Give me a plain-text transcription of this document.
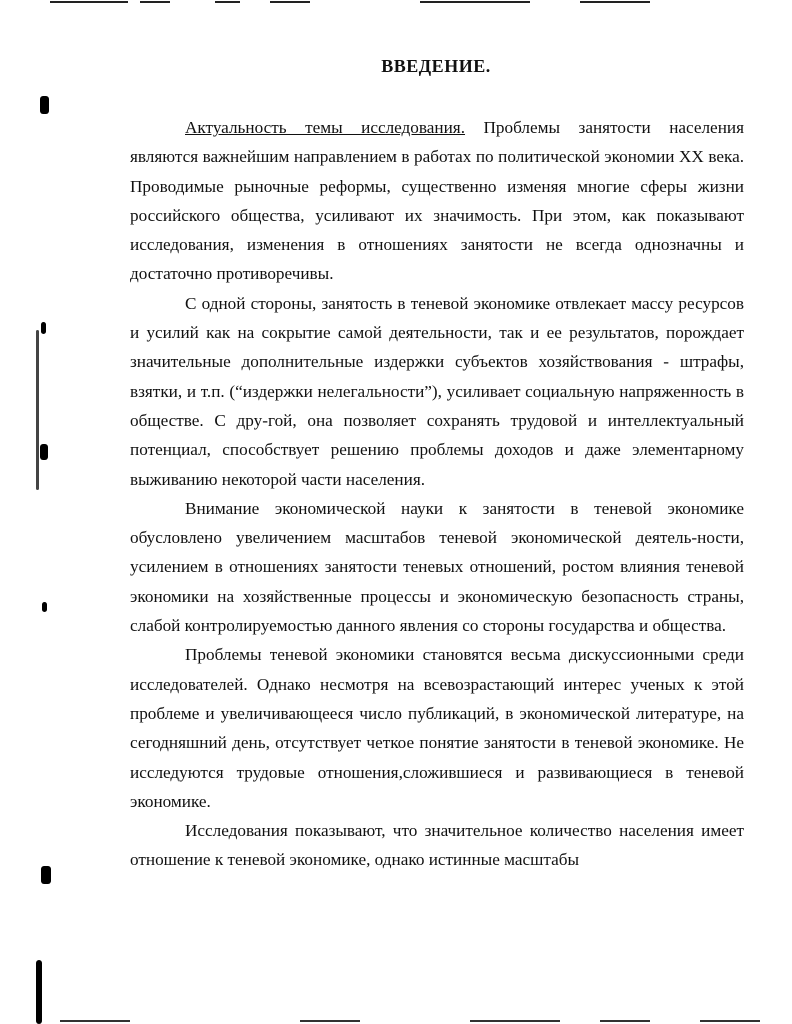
ВВЕДЕНИЕ.

Актуальность темы исследования. Проблемы занятости населения являются важнейшим направлением в работах по политической экономии XX века. Проводимые рыночные реформы, существенно изменяя многие сферы жизни российского общества, усиливают их значимость. При этом, как показывают исследования, изменения в отношениях занятости не всегда однозначны и достаточно противоречивы.

С одной стороны, занятость в теневой экономике отвлекает массу ресурсов и усилий как на сокрытие самой деятельности, так и ее результатов, порождает значительные дополнительные издержки субъектов хозяйствования - штрафы, взятки, и т.п. (“издержки нелегальности”), усиливает социальную напряженность в обществе. С дру-гой, она позволяет сохранять трудовой и интеллектуальный потенциал, способствует решению проблемы доходов и даже элементарному выживанию некоторой части населения.

Внимание экономической науки к занятости в теневой экономике обусловлено увеличением масштабов теневой экономической деятель-ности, усилением в отношениях занятости теневых отношений, ростом влияния теневой экономики на хозяйственные процессы и экономическую безопасность страны, слабой контролируемостью данного явления со стороны государства и общества.

Проблемы теневой экономики становятся весьма дискуссионными среди исследователей. Однако несмотря на всевозрастающий интерес ученых к этой проблеме и увеличивающееся число публикаций, в экономической литературе, на сегодняшний день, отсутствует четкое понятие занятости в теневой экономике. Не исследуются трудовые отношения,сложившиеся и развивающиеся в теневой экономике.

Исследования показывают, что значительное количество населения имеет отношение к теневой экономике, однако истинные масштабы
